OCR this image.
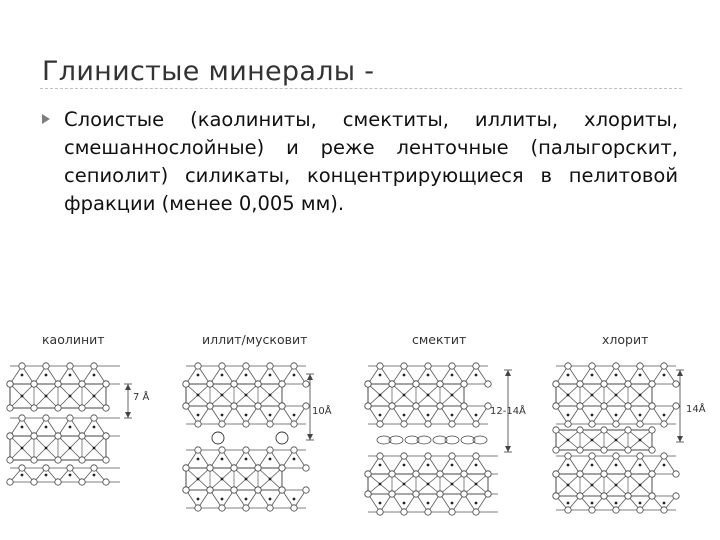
Глинистые минералы -

Слоистые (каолиниты, смектиты, иллиты, хлориты, смешаннослойные) и реже ленточные (палыгорскит, сепиолит) силикаты, концентрирующиеся в пелитовой фракции (менее 0,005 мм).

каолинит	иллит/мусковит	смектит	хлорит
7 Å
10Å	12-14Å	14Å
